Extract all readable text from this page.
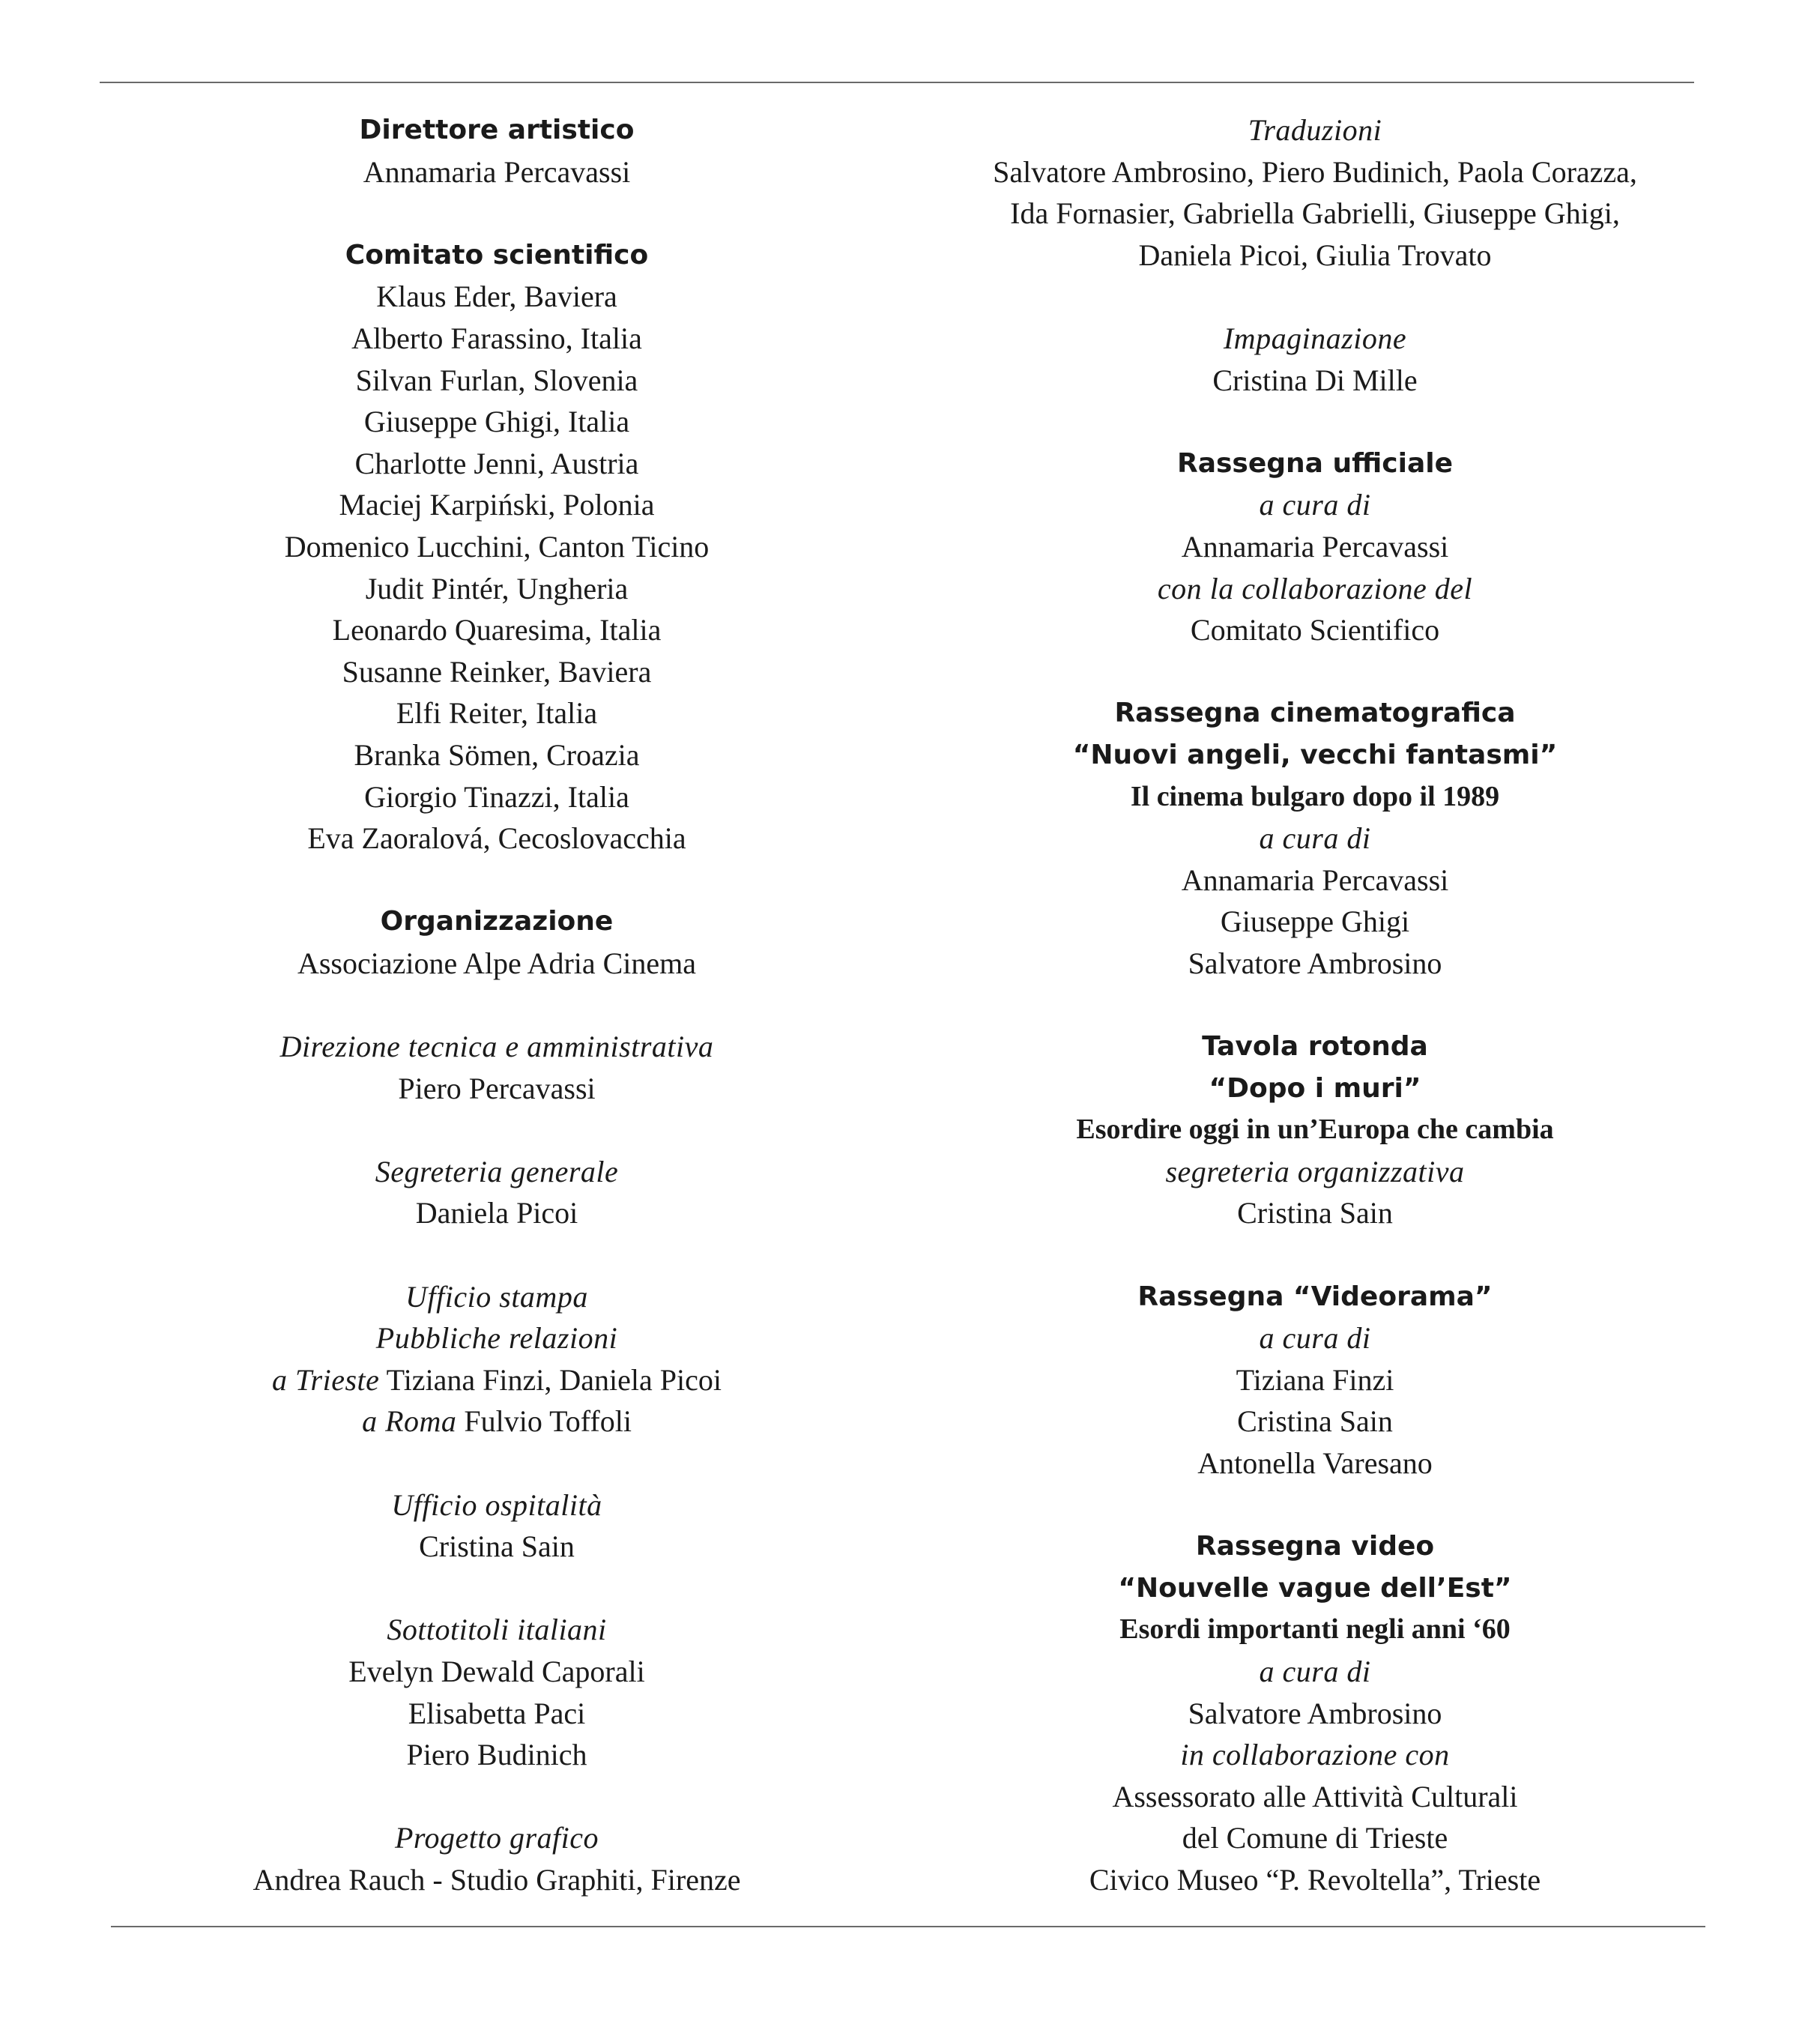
Direttore artistico
Annamaria Percavassi
Comitato scientifico
Klaus Eder, Baviera
Alberto Farassino, Italia
Silvan Furlan, Slovenia
Giuseppe Ghigi, Italia
Charlotte Jenni, Austria
Maciej Karpiński, Polonia
Domenico Lucchini, Canton Ticino
Judit Pintér, Ungheria
Leonardo Quaresima, Italia
Susanne Reinker, Baviera
Elfi Reiter, Italia
Branka Sömen, Croazia
Giorgio Tinazzi, Italia
Eva Zaoralová, Cecoslovacchia
Organizzazione
Associazione Alpe Adria Cinema
Direzione tecnica e amministrativa
Piero Percavassi
Segreteria generale
Daniela Picoi
Ufficio stampa
Pubbliche relazioni
a Trieste Tiziana Finzi, Daniela Picoi
a Roma Fulvio Toffoli
Ufficio ospitalità
Cristina Sain
Sottotitoli italiani
Evelyn Dewald Caporali
Elisabetta Paci
Piero Budinich
Progetto grafico
Andrea Rauch - Studio Graphiti, Firenze
Traduzioni
Salvatore Ambrosino, Piero Budinich, Paola Corazza,
Ida Fornasier, Gabriella Gabrielli, Giuseppe Ghigi,
Daniela Picoi, Giulia Trovato
Impaginazione
Cristina Di Mille
Rassegna ufficiale
a cura di
Annamaria Percavassi
con la collaborazione del
Comitato Scientifico
Rassegna cinematografica
“Nuovi angeli, vecchi fantasmi”
Il cinema bulgaro dopo il 1989
a cura di
Annamaria Percavassi
Giuseppe Ghigi
Salvatore Ambrosino
Tavola rotonda
“Dopo i muri”
Esordire oggi in un’Europa che cambia
segreteria organizzativa
Cristina Sain
Rassegna “Videorama”
a cura di
Tiziana Finzi
Cristina Sain
Antonella Varesano
Rassegna video
“Nouvelle vague dell’Est”
Esordi importanti negli anni ‘60
a cura di
Salvatore Ambrosino
in collaborazione con
Assessorato alle Attività Culturali
del Comune di Trieste
Civico Museo “P. Revoltella”, Trieste
